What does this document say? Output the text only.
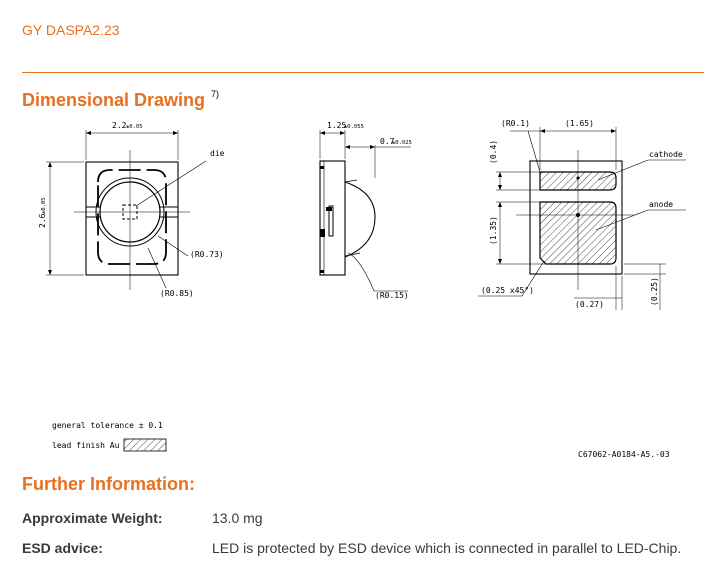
GY DASPA2.23
Dimensional Drawing $^{7)}$
2.2 ±0.05
2.6
±0.05
die
(R0.73)
(R0.85)
1.25
±0.055
0.7
±0.025
(R0.15)
(R0.1)	(1.65)
(0.4)
(1.35)
cathode
anode
(0.25 x45°)
(0.27)	(0.25)
general tolerance ± 0.1
lead finish Au
C67062-A0184-A5.-03
Further Information:
Approximate Weight:	13.0 mg
ESD advice:	LED is protected by ESD device which is connected in parallel to LED-Chip.
